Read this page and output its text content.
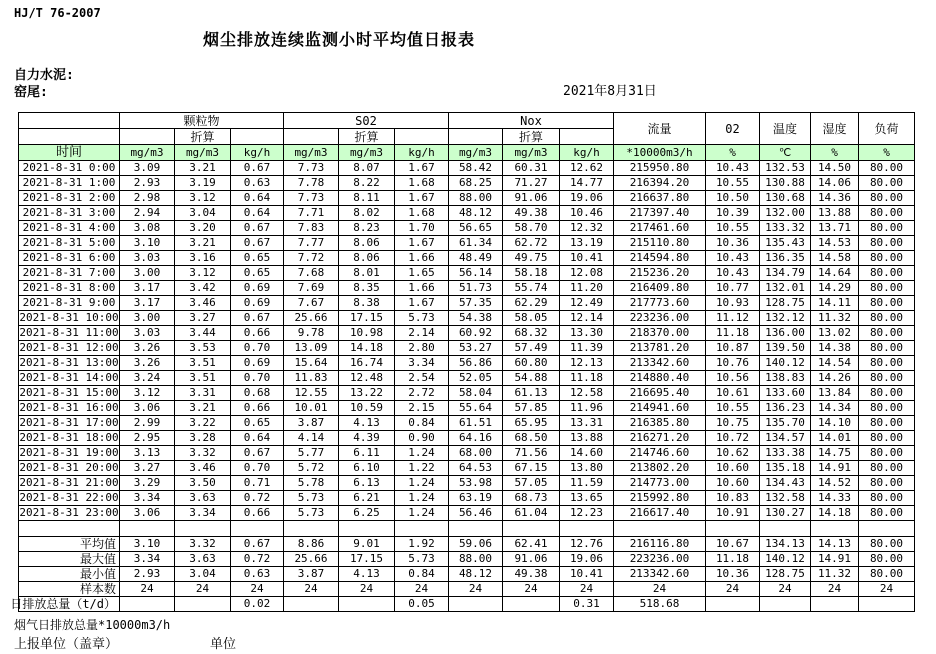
HJ/T 76-2007
烟尘排放连续监测小时平均值日报表
自力水泥:
窑尾:	2021年8月31日
	颗粒物			S02			Nox			流量	02	温度	湿度	负荷
		折算			折算			折算						
时间	mg/m3	mg/m3	kg/h	mg/m3	mg/m3	kg/h	mg/m3	mg/m3	kg/h	*10000m3/h	%	℃	%	%
2021-8-31 0:00	3.09	3.21	0.67	7.73	8.07	1.67	58.42	60.31	12.62	215950.80	10.43	132.53	14.50	80.00
2021-8-31 1:00	2.93	3.19	0.63	7.78	8.22	1.68	68.25	71.27	14.77	216394.20	10.55	130.88	14.06	80.00
2021-8-31 2:00	2.98	3.12	0.64	7.73	8.11	1.67	88.00	91.06	19.06	216637.80	10.50	130.68	14.36	80.00
2021-8-31 3:00	2.94	3.04	0.64	7.71	8.02	1.68	48.12	49.38	10.46	217397.40	10.39	132.00	13.88	80.00
2021-8-31 4:00	3.08	3.20	0.67	7.83	8.23	1.70	56.65	58.70	12.32	217461.60	10.55	133.32	13.71	80.00
2021-8-31 5:00	3.10	3.21	0.67	7.77	8.06	1.67	61.34	62.72	13.19	215110.80	10.36	135.43	14.53	80.00
2021-8-31 6:00	3.03	3.16	0.65	7.72	8.06	1.66	48.49	49.75	10.41	214594.80	10.43	136.35	14.58	80.00
2021-8-31 7:00	3.00	3.12	0.65	7.68	8.01	1.65	56.14	58.18	12.08	215236.20	10.43	134.79	14.64	80.00
2021-8-31 8:00	3.17	3.42	0.69	7.69	8.35	1.66	51.73	55.74	11.20	216409.80	10.77	132.01	14.29	80.00
2021-8-31 9:00	3.17	3.46	0.69	7.67	8.38	1.67	57.35	62.29	12.49	217773.60	10.93	128.75	14.11	80.00
2021-8-31 10:00	3.00	3.27	0.67	25.66	17.15	5.73	54.38	58.05	12.14	223236.00	11.12	132.12	11.32	80.00
2021-8-31 11:00	3.03	3.44	0.66	9.78	10.98	2.14	60.92	68.32	13.30	218370.00	11.18	136.00	13.02	80.00
2021-8-31 12:00	3.26	3.53	0.70	13.09	14.18	2.80	53.27	57.49	11.39	213781.20	10.87	139.50	14.38	80.00
2021-8-31 13:00	3.26	3.51	0.69	15.64	16.74	3.34	56.86	60.80	12.13	213342.60	10.76	140.12	14.54	80.00
2021-8-31 14:00	3.24	3.51	0.70	11.83	12.48	2.54	52.05	54.88	11.18	214880.40	10.56	138.83	14.26	80.00
2021-8-31 15:00	3.12	3.31	0.68	12.55	13.22	2.72	58.04	61.13	12.58	216695.40	10.61	133.60	13.84	80.00
2021-8-31 16:00	3.06	3.21	0.66	10.01	10.59	2.15	55.64	57.85	11.96	214941.60	10.55	136.23	14.34	80.00
2021-8-31 17:00	2.99	3.22	0.65	3.87	4.13	0.84	61.51	65.95	13.31	216385.80	10.75	135.70	14.10	80.00
2021-8-31 18:00	2.95	3.28	0.64	4.14	4.39	0.90	64.16	68.50	13.88	216271.20	10.72	134.57	14.01	80.00
2021-8-31 19:00	3.13	3.32	0.67	5.77	6.11	1.24	68.00	71.56	14.60	214746.60	10.62	133.38	14.75	80.00
2021-8-31 20:00	3.27	3.46	0.70	5.72	6.10	1.22	64.53	67.15	13.80	213802.20	10.60	135.18	14.91	80.00
2021-8-31 21:00	3.29	3.50	0.71	5.78	6.13	1.24	53.98	57.05	11.59	214773.00	10.60	134.43	14.52	80.00
2021-8-31 22:00	3.34	3.63	0.72	5.73	6.21	1.24	63.19	68.73	13.65	215992.80	10.83	132.58	14.33	80.00
2021-8-31 23:00	3.06	3.34	0.66	5.73	6.25	1.24	56.46	61.04	12.23	216617.40	10.91	130.27	14.18	80.00

平均值	3.10	3.32	0.67	8.86	9.01	1.92	59.06	62.41	12.76	216116.80	10.67	134.13	14.13	80.00

最大值	3.34	3.63	0.72	25.66	17.15	5.73	88.00	91.06	19.06	223236.00	11.18	140.12	14.91	80.00

最小值	2.93	3.04	0.63	3.87	4.13	0.84	48.12	49.38	10.41	213342.60	10.36	128.75	11.32	80.00

样本数	24	24	24	24	24	24	24	24	24	24	24	24	24	24

日排放总量（t/d）			0.02			0.05			0.31	518.68				
烟气日排放总量*10000m3/h
上报单位（盖章）	单位
